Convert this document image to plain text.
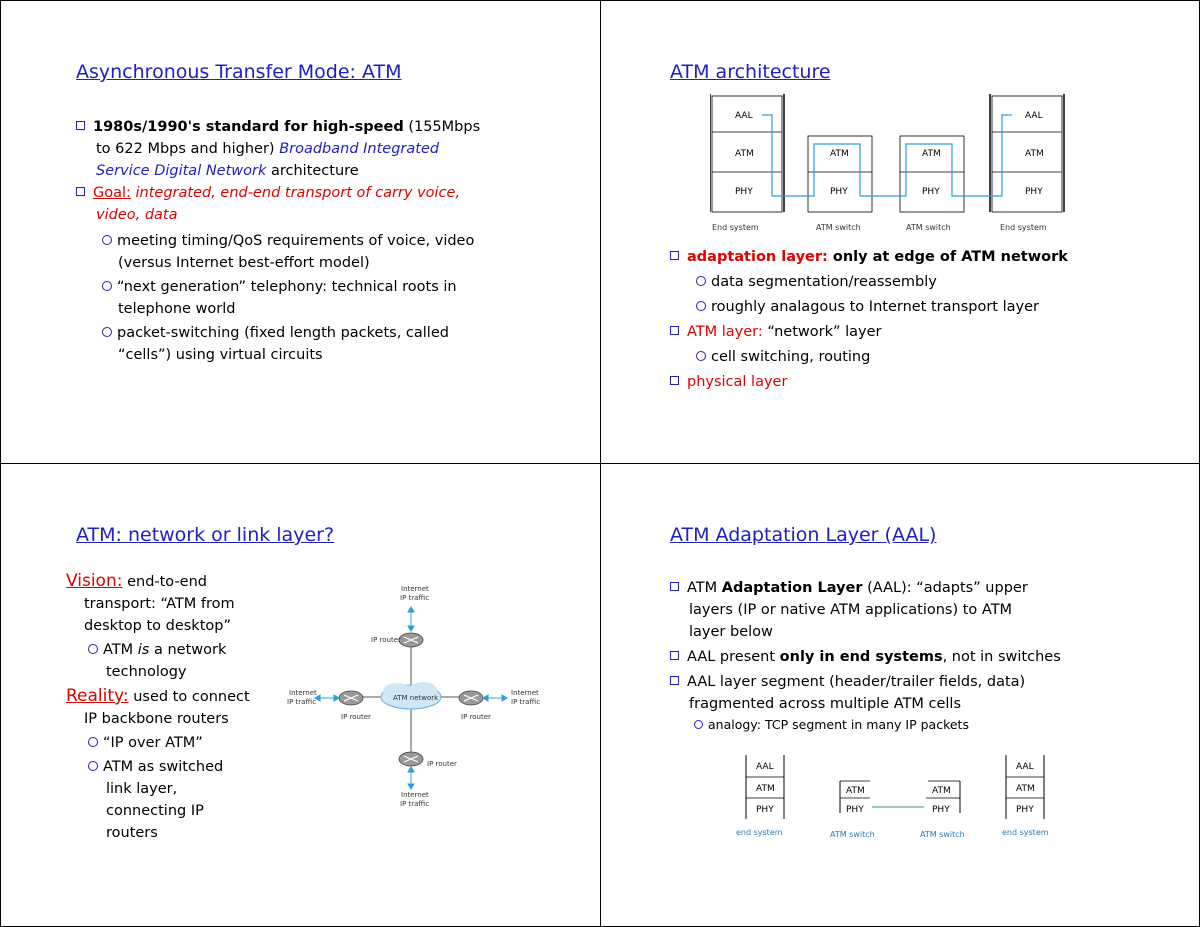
Asynchronous Transfer Mode: ATM
1980s/1990's standard for high-speed (155Mbps
to 622 Mbps and higher) Broadband Integrated
Service Digital Network architecture
Goal: integrated, end-end transport of carry voice,
video, data
meeting timing/QoS requirements of voice, video
(versus Internet best-effort model)
“next generation” telephony: technical roots in
telephone world
packet-switching (fixed length packets, called
“cells”) using virtual circuits
ATM architecture
AAL
ATM
PHY
ATM
PHY
ATM
PHY
AAL
ATM
PHY
End system	ATM switch	ATM switch	End system
adaptation layer: only at edge of ATM network
data segmentation/reassembly
roughly analagous to Internet transport layer
ATM layer: “network” layer
cell switching, routing
physical layer
ATM: network or link layer?
Vision: end-to-end
transport: “ATM from
desktop to desktop”
ATM is a network
technology
Reality: used to connect
IP backbone routers
“IP over ATM”
ATM as switched
link layer,
connecting IP
routers
ATM network
IP router
IP router	IP router
IP router
Internet
IP traffic
Internet
IP traffic
Internet
IP traffic
Internet
IP traffic
ATM Adaptation Layer (AAL)
ATM Adaptation Layer (AAL): “adapts” upper
layers (IP or native ATM applications) to ATM
layer below
AAL present only in end systems, not in switches
AAL layer segment (header/trailer fields, data)
fragmented across multiple ATM cells
analogy: TCP segment in many IP packets
AAL
ATM
PHY
ATM
PHY
ATM
PHY
AAL
ATM
PHY
end system	ATM switch	ATM switch	end system
